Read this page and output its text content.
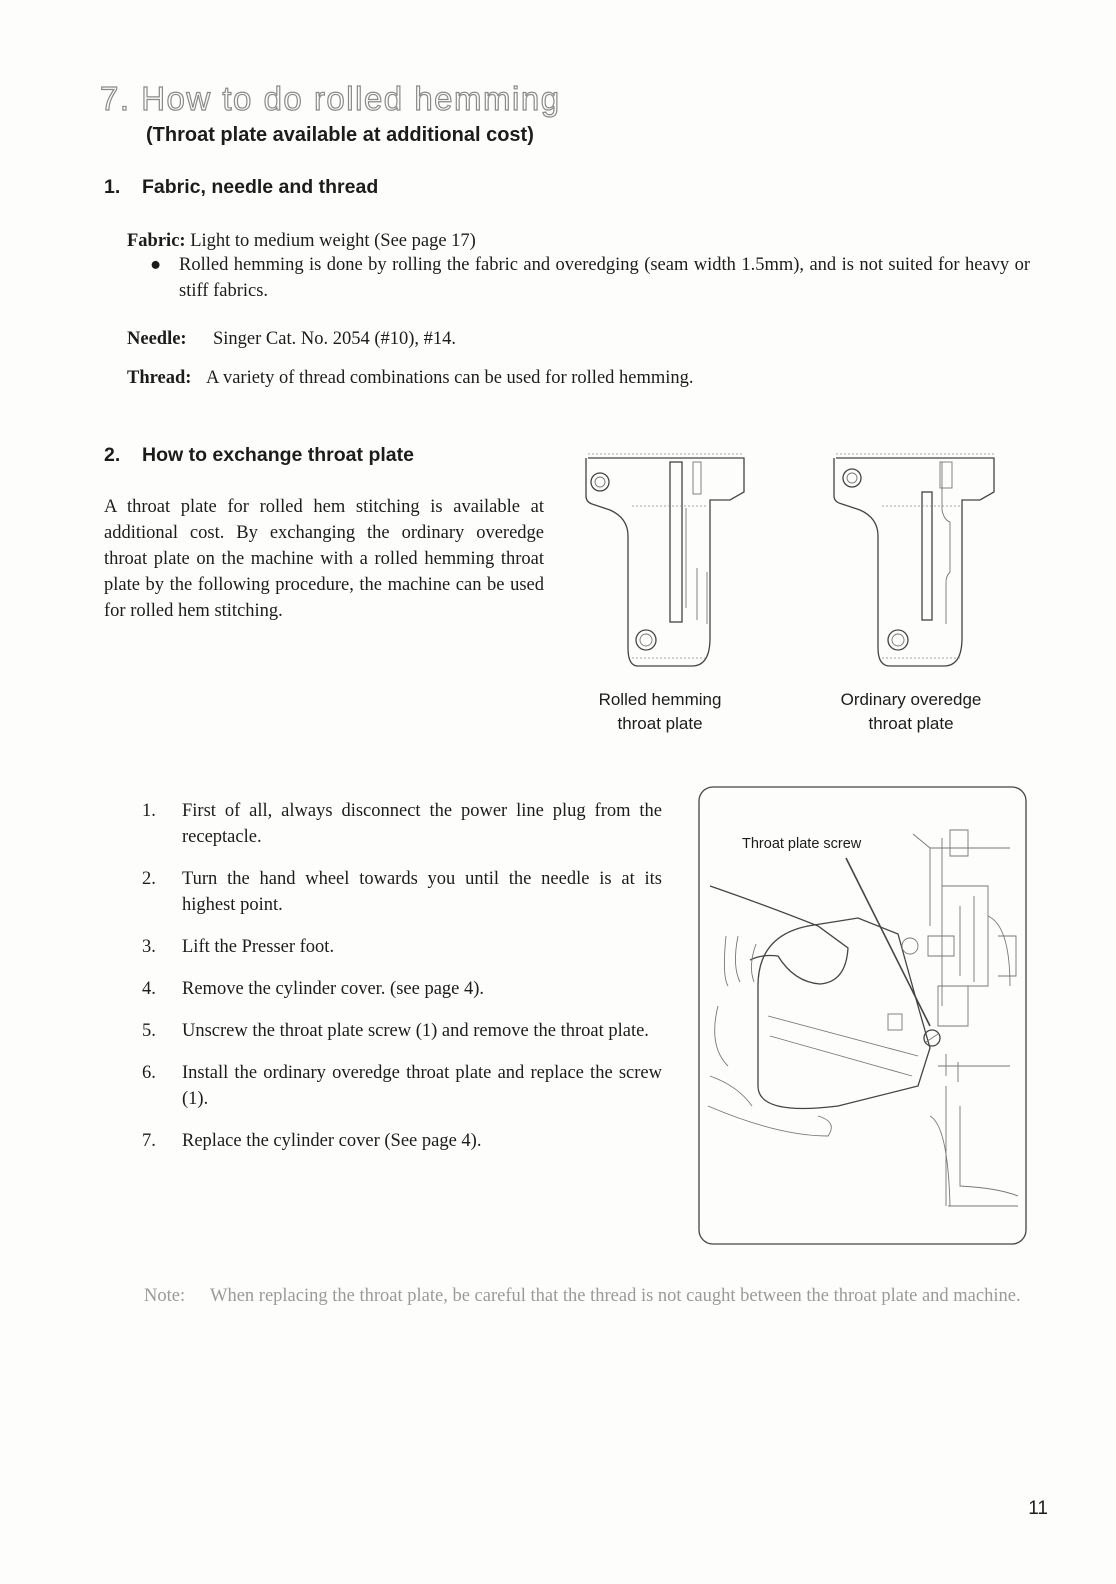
7. How to do rolled hemming
(Throat plate available at additional cost)
1. Fabric, needle and thread
Fabric: Light to medium weight (See page 17)
● Rolled hemming is done by rolling the fabric and overedging (seam width 1.5mm), and is not suited for heavy or stiff fabrics.
Needle: Singer Cat. No. 2054 (#10), #14.
Thread: A variety of thread combinations can be used for rolled hemming.
2. How to exchange throat plate
A throat plate for rolled hem stitching is available at additional cost. By exchanging the ordinary overedge throat plate on the machine with a rolled hemming throat plate by the following procedure, the machine can be used for rolled hem stitching.
Rolled hemming
throat plate
Ordinary overedge
throat plate
1. First of all, always disconnect the power line plug from the receptacle.
2. Turn the hand wheel towards you until the needle is at its highest point.
3. Lift the Presser foot.
4. Remove the cylinder cover. (see page 4).
5. Unscrew the throat plate screw (1) and remove the throat plate.
6. Install the ordinary overedge throat plate and replace the screw (1).
7. Replace the cylinder cover (See page 4).
Throat plate screw
Note: When replacing the throat plate, be careful that the thread is not caught between the throat plate and machine.
11
